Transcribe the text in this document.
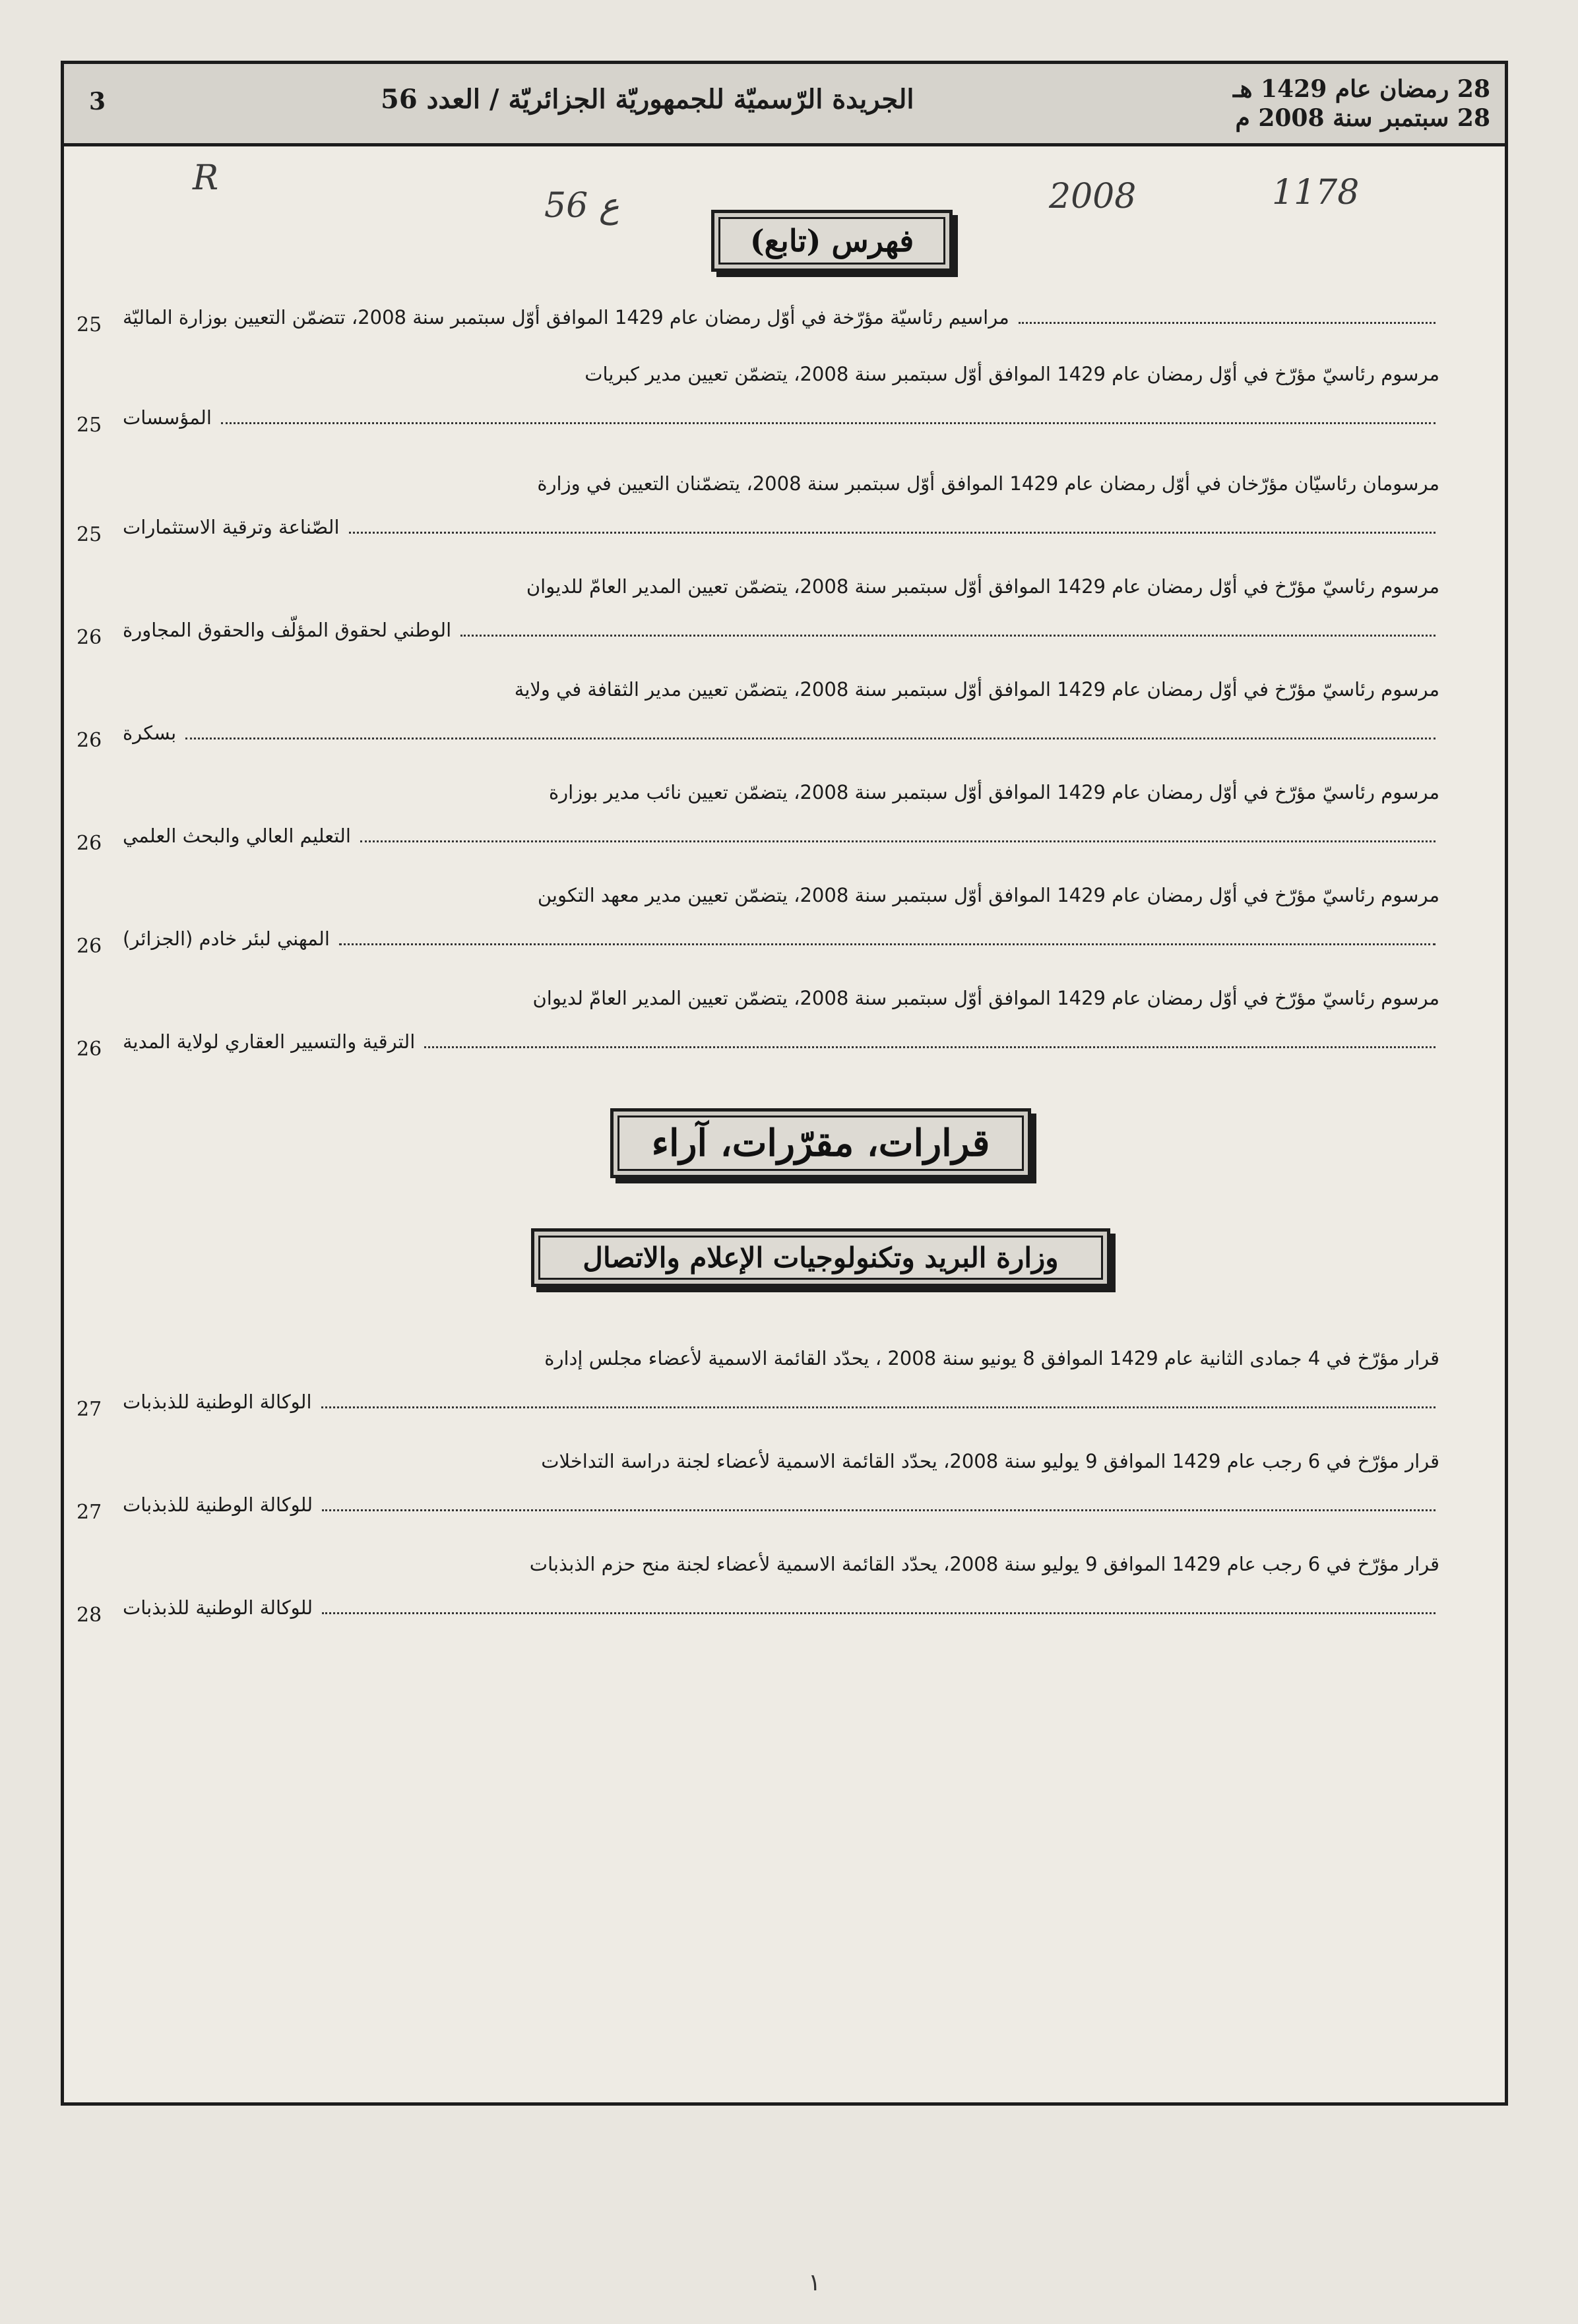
28 رمضان عام 1429 هـ
28 سبتمبر سنة 2008 م
الجريدة الرّسميّة للجمهوريّة الجزائريّة / العدد 56
3
R
56 ع	2008	1178
فهرس (تابع)
مراسيم رئاسيّة مؤرّخة في أوّل رمضان عام 1429 الموافق أوّل سبتمبر سنة 2008، تتضمّن التعيين بوزارة الماليّة
25
مرسوم رئاسيّ مؤرّخ في أوّل رمضان عام 1429 الموافق أوّل سبتمبر سنة 2008، يتضمّن تعيين مدير كبريات
المؤسسات
25
مرسومان رئاسيّان مؤرّخان في أوّل رمضان عام 1429 الموافق أوّل سبتمبر سنة 2008، يتضمّنان التعيين في وزارة
الصّناعة وترقية الاستثمارات
25
مرسوم رئاسيّ مؤرّخ في أوّل رمضان عام 1429 الموافق أوّل سبتمبر سنة 2008، يتضمّن تعيين المدير العامّ للديوان
الوطني لحقوق المؤلّف والحقوق المجاورة
26
مرسوم رئاسيّ مؤرّخ في أوّل رمضان عام 1429 الموافق أوّل سبتمبر سنة 2008، يتضمّن تعيين مدير الثقافة في ولاية
بسكرة
26
مرسوم رئاسيّ مؤرّخ في أوّل رمضان عام 1429 الموافق أوّل سبتمبر سنة 2008، يتضمّن تعيين نائب مدير بوزارة
التعليم العالي والبحث العلمي
26
مرسوم رئاسيّ مؤرّخ في أوّل رمضان عام 1429 الموافق أوّل سبتمبر سنة 2008، يتضمّن تعيين مدير معهد التكوين
المهني لبئر خادم (الجزائر)
26
مرسوم رئاسيّ مؤرّخ في أوّل رمضان عام 1429 الموافق أوّل سبتمبر سنة 2008، يتضمّن تعيين المدير العامّ لديوان
الترقية والتسيير العقاري لولاية المدية
26
قرارات، مقرّرات، آراء
وزارة البريد وتكنولوجيات الإعلام والاتصال
قرار مؤرّخ في 4 جمادى الثانية عام 1429 الموافق 8 يونيو سنة 2008 ، يحدّد القائمة الاسمية لأعضاء مجلس إدارة
الوكالة الوطنية للذبذبات
27
قرار مؤرّخ في 6 رجب عام 1429 الموافق 9 يوليو سنة 2008، يحدّد القائمة الاسمية لأعضاء لجنة دراسة التداخلات
للوكالة الوطنية للذبذبات
27
قرار مؤرّخ في 6 رجب عام 1429 الموافق 9 يوليو سنة 2008، يحدّد القائمة الاسمية لأعضاء لجنة منح حزم الذبذبات
للوكالة الوطنية للذبذبات
28
١
